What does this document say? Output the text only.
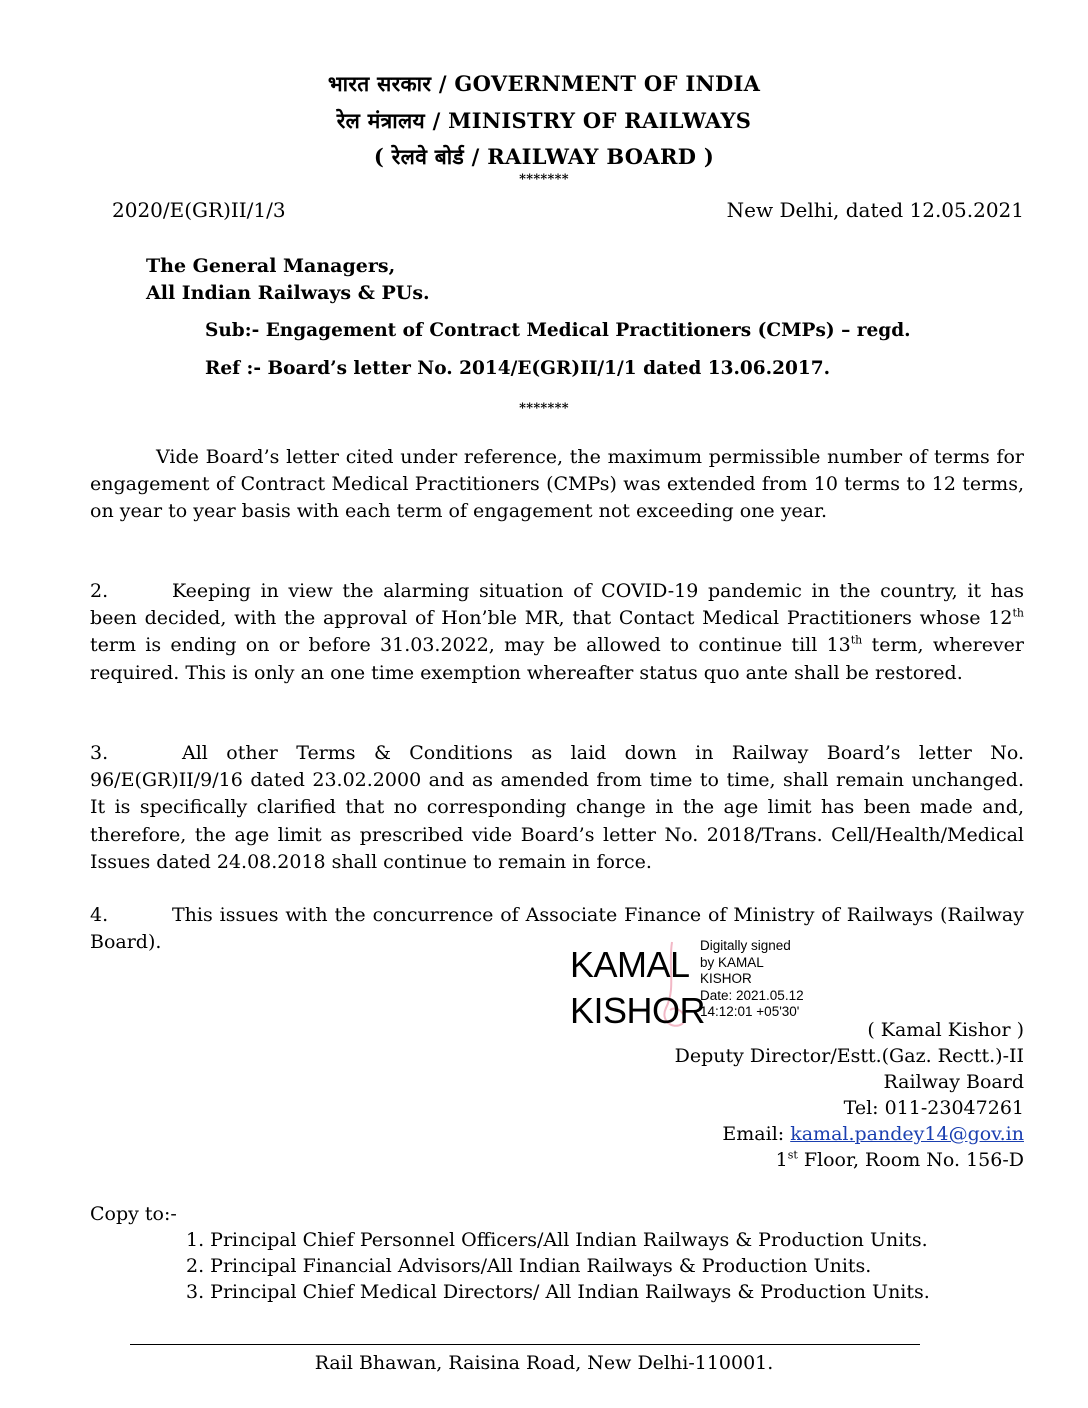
भारत सरकार / GOVERNMENT OF INDIA
रेल मंत्रालय / MINISTRY OF RAILWAYS
( रेलवे बोर्ड / RAILWAY BOARD )
*******
2020/E(GR)II/1/3	New Delhi, dated 12.05.2021
The General Managers,
All Indian Railways & PUs.
Sub:- Engagement of Contract Medical Practitioners (CMPs) – regd.
Ref :- Board’s letter No. 2014/E(GR)II/1/1 dated 13.06.2017.
*******
Vide Board’s letter cited under reference, the maximum permissible number of terms for engagement of Contract Medical Practitioners (CMPs) was extended from 10 terms to 12 terms, on year to year basis with each term of engagement not exceeding one year.
2.	Keeping in view the alarming situation of COVID-19 pandemic in the country, it has been decided, with the approval of Hon’ble MR, that Contact Medical Practitioners whose 12th term is ending on or before 31.03.2022, may be allowed to continue till 13th term, wherever required. This is only an one time exemption whereafter status quo ante shall be restored.
3.	All other Terms & Conditions as laid down in Railway Board’s letter No. 96/E(GR)II/9/16 dated 23.02.2000 and as amended from time to time, shall remain unchanged. It is specifically clarified that no corresponding change in the age limit has been made and, therefore, the age limit as prescribed vide Board’s letter No. 2018/Trans. Cell/Health/Medical Issues dated 24.08.2018 shall continue to remain in force.
4.	This issues with the concurrence of Associate Finance of Ministry of Railways (Railway Board).
KAMAL
KISHOR
Digitally signed
by KAMAL
KISHOR
Date: 2021.05.12
14:12:01 +05'30'
( Kamal Kishor )
Deputy Director/Estt.(Gaz. Rectt.)-II
Railway Board
Tel: 011-23047261
Email: kamal.pandey14@gov.in
1st Floor, Room No. 156-D
Copy to:-
1. Principal Chief Personnel Officers/All Indian Railways & Production Units.
2. Principal Financial Advisors/All Indian Railways & Production Units.
3. Principal Chief Medical Directors/ All Indian Railways & Production Units.
Rail Bhawan, Raisina Road, New Delhi-110001.
